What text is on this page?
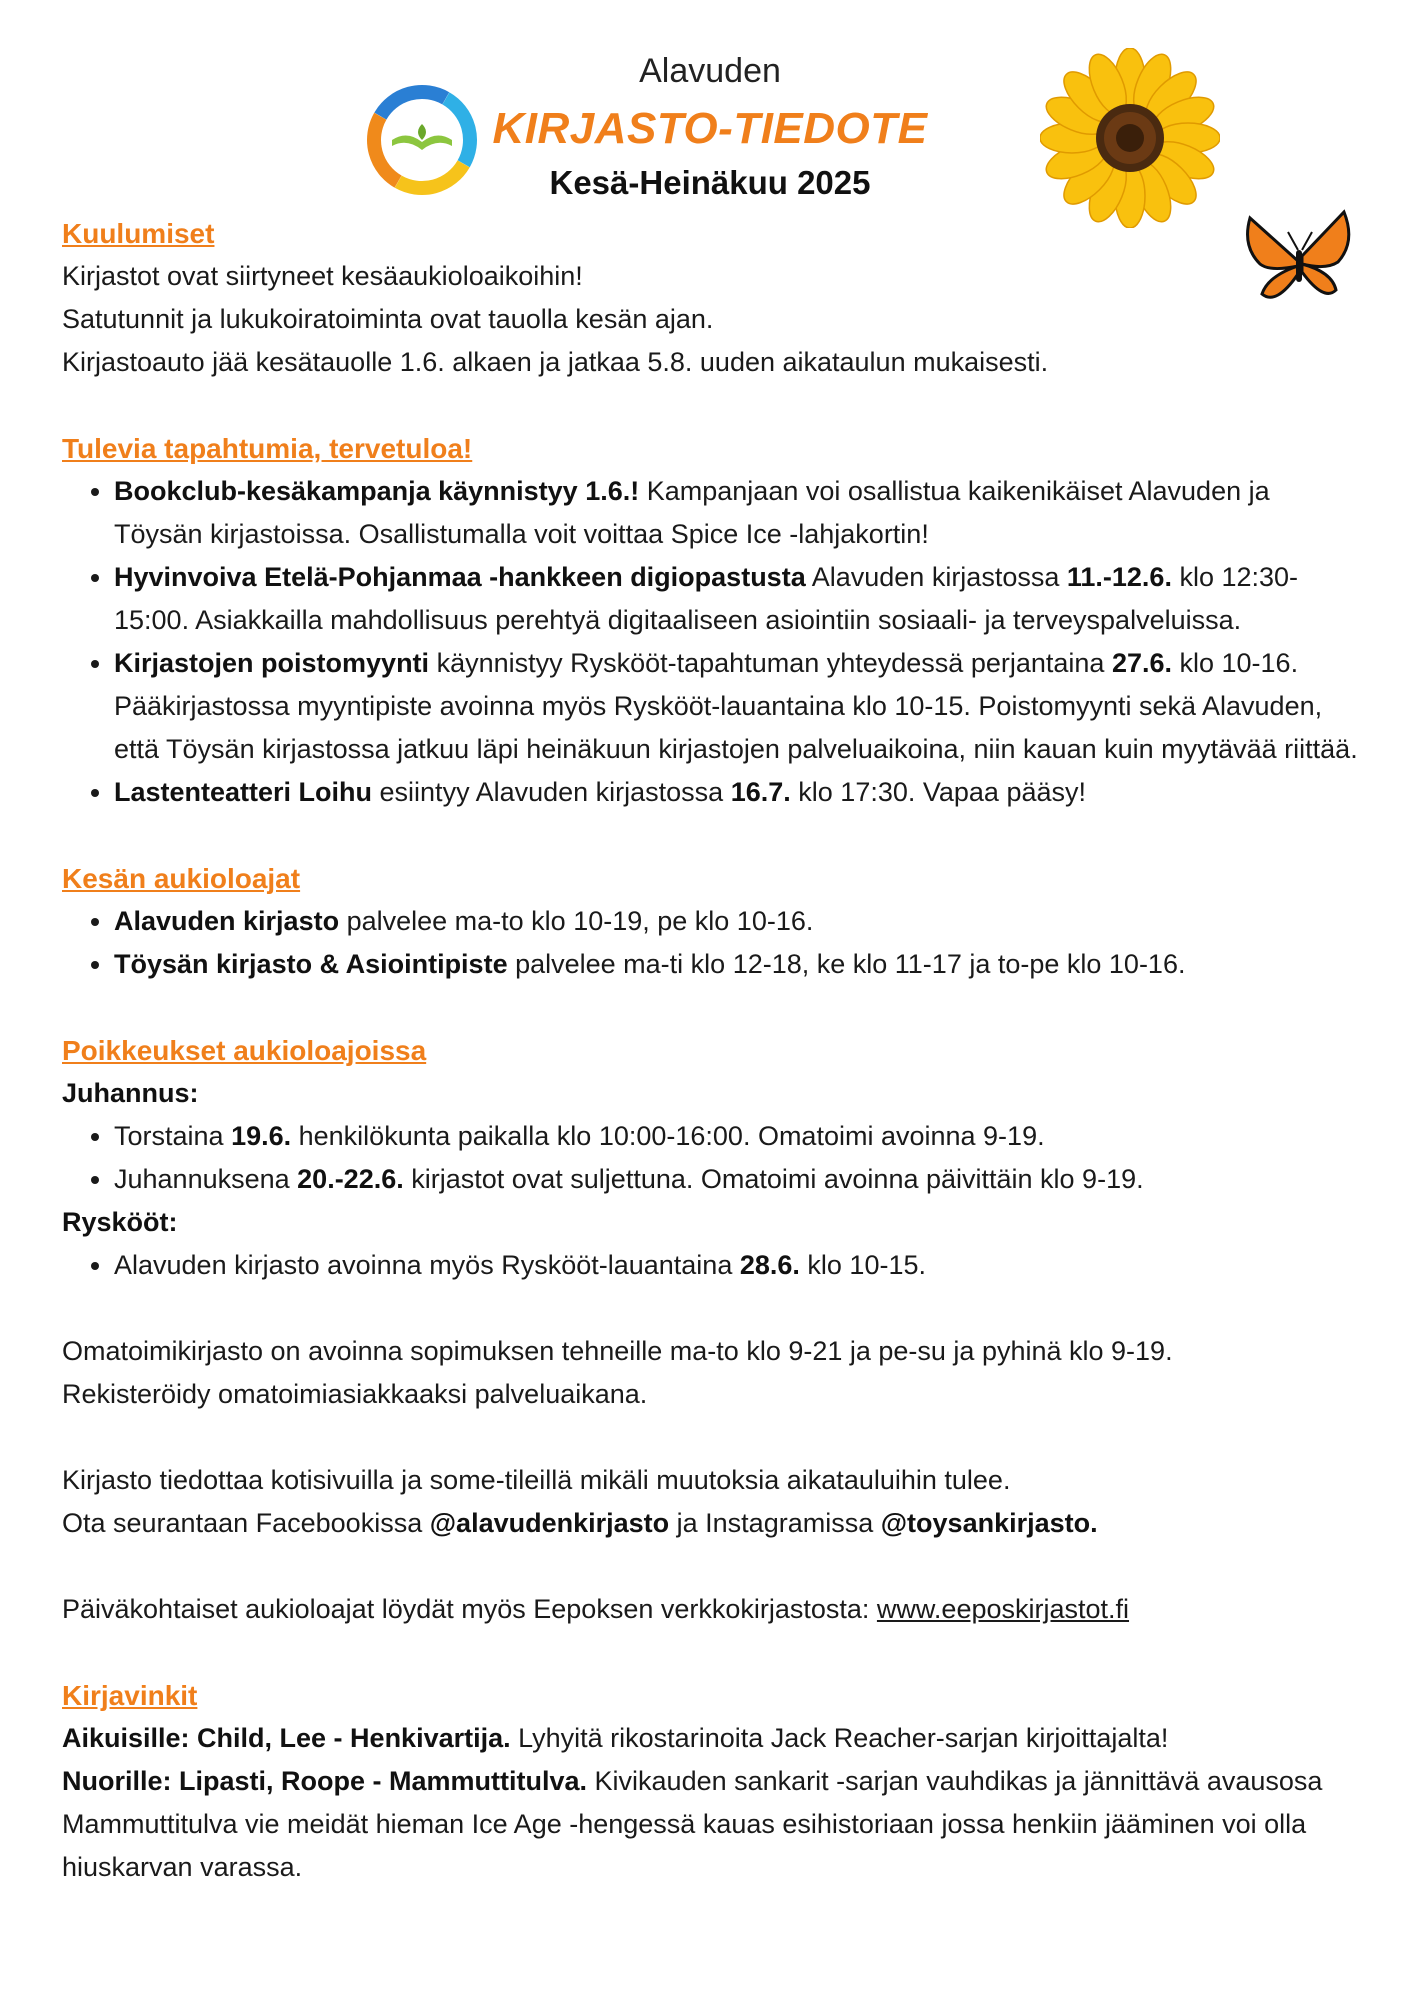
Alavuden
KIRJASTO-TIEDOTE
Kesä-Heinäkuu 2025
Kuulumiset

Kirjastot ovat siirtyneet kesäaukioloaikoihin!

Satutunnit ja lukukoiratoiminta ovat tauolla kesän ajan.

Kirjastoauto jää kesätauolle 1.6. alkaen ja jatkaa 5.8. uuden aikataulun mukaisesti.

Tulevia tapahtumia, tervetuloa!
• Bookclub-kesäkampanja käynnistyy 1.6.! Kampanjaan voi osallistua kaikenikäiset Alavuden ja Töysän kirjastoissa. Osallistumalla voit voittaa Spice Ice -lahjakortin!
• Hyvinvoiva Etelä-Pohjanmaa -hankkeen digiopastusta Alavuden kirjastossa 11.-12.6. klo 12:30-15:00. Asiakkailla mahdollisuus perehtyä digitaaliseen asiointiin sosiaali- ja terveyspalveluissa.
• Kirjastojen poistomyynti käynnistyy Ryskööt-tapahtuman yhteydessä perjantaina 27.6. klo 10-16. Pääkirjastossa myyntipiste avoinna myös Ryskööt-lauantaina klo 10-15. Poistomyynti sekä Alavuden, että Töysän kirjastossa jatkuu läpi heinäkuun kirjastojen palveluaikoina, niin kauan kuin myytävää riittää.
• Lastenteatteri Loihu esiintyy Alavuden kirjastossa 16.7. klo 17:30. Vapaa pääsy!
Kesän aukioloajat
• Alavuden kirjasto palvelee ma-to klo 10-19, pe klo 10-16.
• Töysän kirjasto & Asiointipiste palvelee ma-ti klo 12-18, ke klo 11-17 ja to-pe klo 10-16.
Poikkeukset aukioloajoissa
Juhannus:
• Torstaina 19.6. henkilökunta paikalla klo 10:00-16:00. Omatoimi avoinna 9-19.
• Juhannuksena 20.-22.6. kirjastot ovat suljettuna. Omatoimi avoinna päivittäin klo 9-19.
Ryskööt:
• Alavuden kirjasto avoinna myös Ryskööt-lauantaina 28.6. klo 10-15.

Omatoimikirjasto on avoinna sopimuksen tehneille ma-to klo 9-21 ja pe-su ja pyhinä klo 9-19.

Rekisteröidy omatoimiasiakkaaksi palveluaikana.

Kirjasto tiedottaa kotisivuilla ja some-tileillä mikäli muutoksia aikatauluihin tulee.

Ota seurantaan Facebookissa @alavudenkirjasto ja Instagramissa @toysankirjasto.

Päiväkohtaiset aukioloajat löydät myös Eepoksen verkkokirjastosta: www.eeposkirjastot.fi

Kirjavinkit

Aikuisille: Child, Lee - Henkivartija. Lyhyitä rikostarinoita Jack Reacher-sarjan kirjoittajalta!

Nuorille: Lipasti, Roope - Mammuttitulva. Kivikauden sankarit -sarjan vauhdikas ja jännittävä avausosa Mammuttitulva vie meidät hieman Ice Age -hengessä kauas esihistoriaan jossa henkiin jääminen voi olla hiuskarvan varassa.
